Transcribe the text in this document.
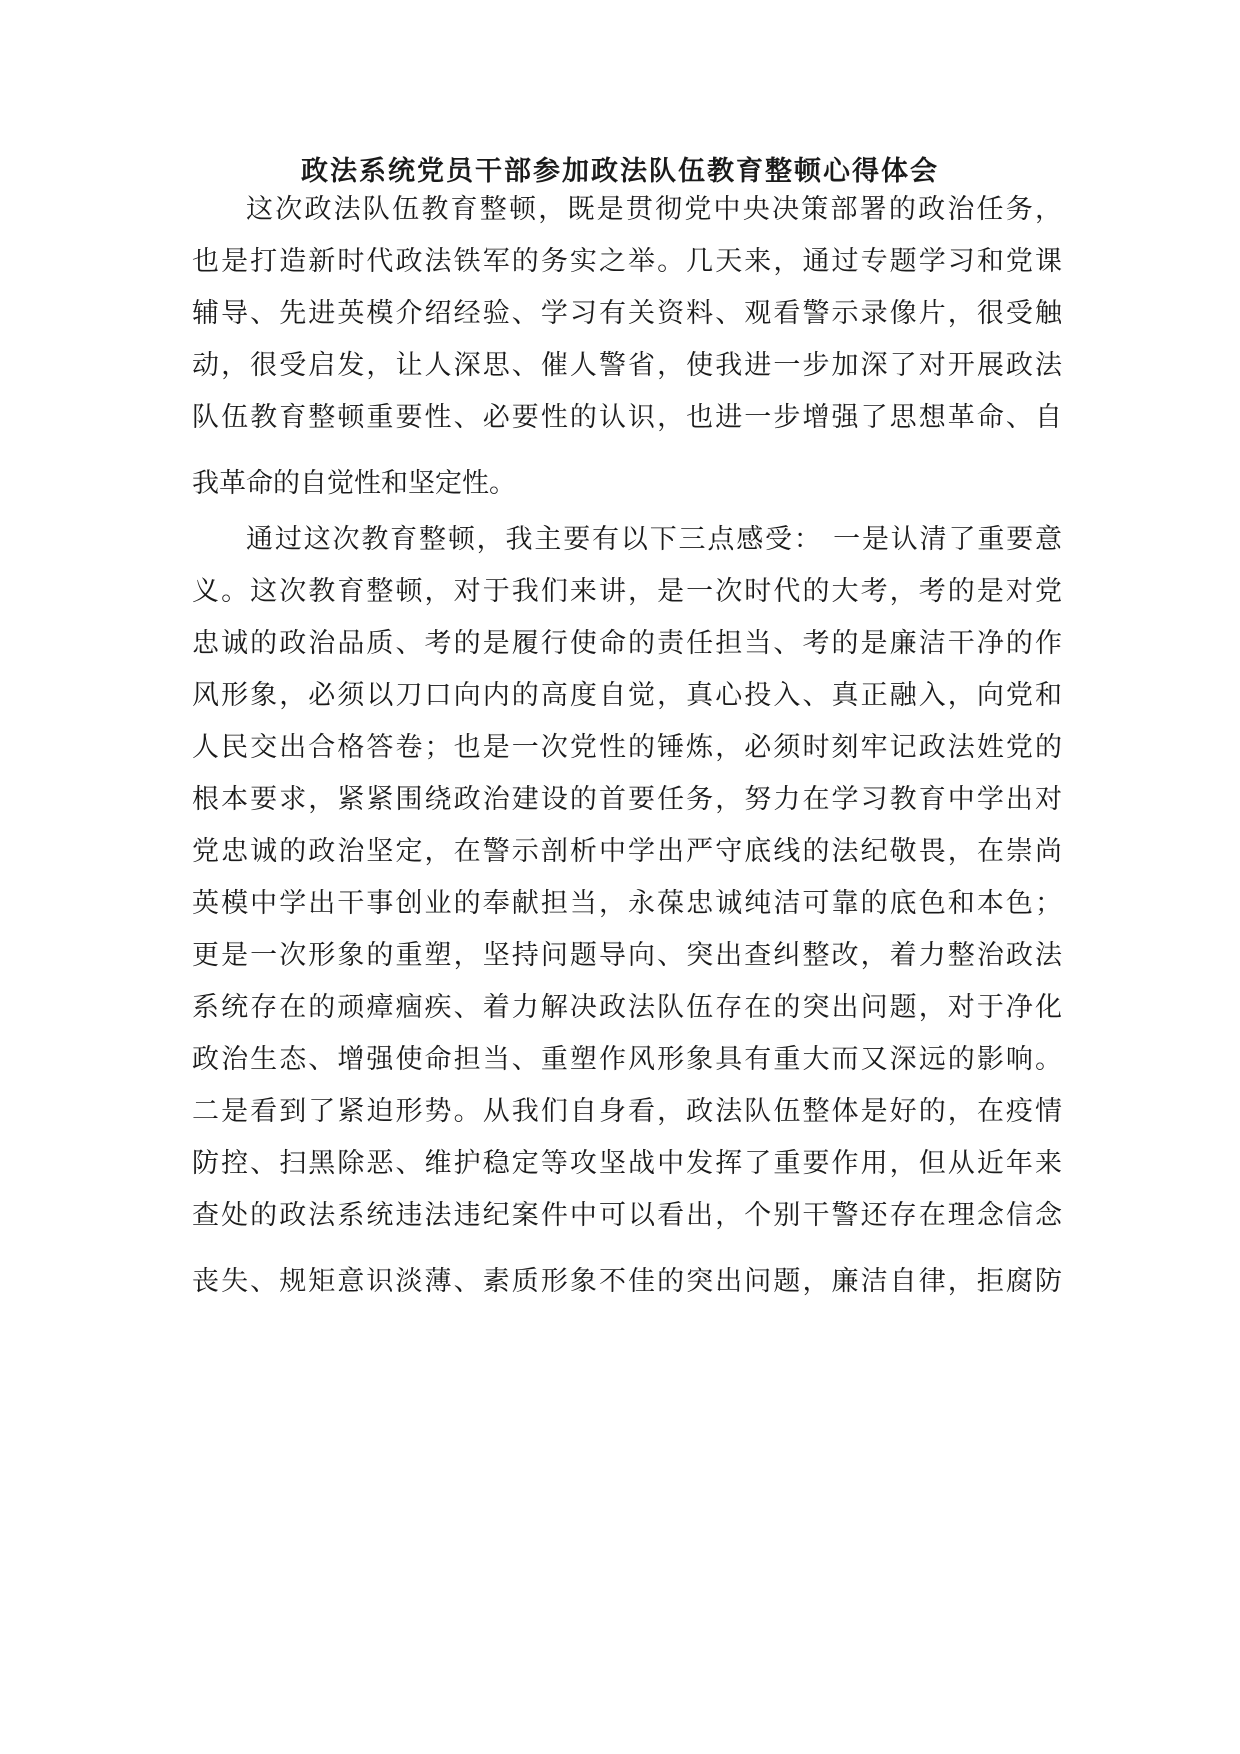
政法系统党员干部参加政法队伍教育整顿心得体会
这次政法队伍教育整顿，既是贯彻党中央决策部署的政治任务，
也是打造新时代政法铁军的务实之举。几天来，通过专题学习和党课
辅导、先进英模介绍经验、学习有关资料、观看警示录像片，很受触
动，很受启发，让人深思、催人警省，使我进一步加深了对开展政法
队伍教育整顿重要性、必要性的认识，也进一步增强了思想革命、自
我革命的自觉性和坚定性。
通过这次教育整顿，我主要有以下三点感受： 一是认清了重要意
义。这次教育整顿，对于我们来讲，是一次时代的大考，考的是对党
忠诚的政治品质、考的是履行使命的责任担当、考的是廉洁干净的作
风形象，必须以刀口向内的高度自觉，真心投入、真正融入，向党和
人民交出合格答卷；也是一次党性的锤炼，必须时刻牢记政法姓党的
根本要求，紧紧围绕政治建设的首要任务，努力在学习教育中学出对
党忠诚的政治坚定，在警示剖析中学出严守底线的法纪敬畏，在崇尚
英模中学出干事创业的奉献担当，永葆忠诚纯洁可靠的底色和本色；
更是一次形象的重塑，坚持问题导向、突出查纠整改，着力整治政法
系统存在的顽瘴痼疾、着力解决政法队伍存在的突出问题，对于净化
政治生态、增强使命担当、重塑作风形象具有重大而又深远的影响。
二是看到了紧迫形势。从我们自身看，政法队伍整体是好的，在疫情
防控、扫黑除恶、维护稳定等攻坚战中发挥了重要作用，但从近年来
查处的政法系统违法违纪案件中可以看出，个别干警还存在理念信念
丧失、规矩意识淡薄、素质形象不佳的突出问题，廉洁自律，拒腐防
